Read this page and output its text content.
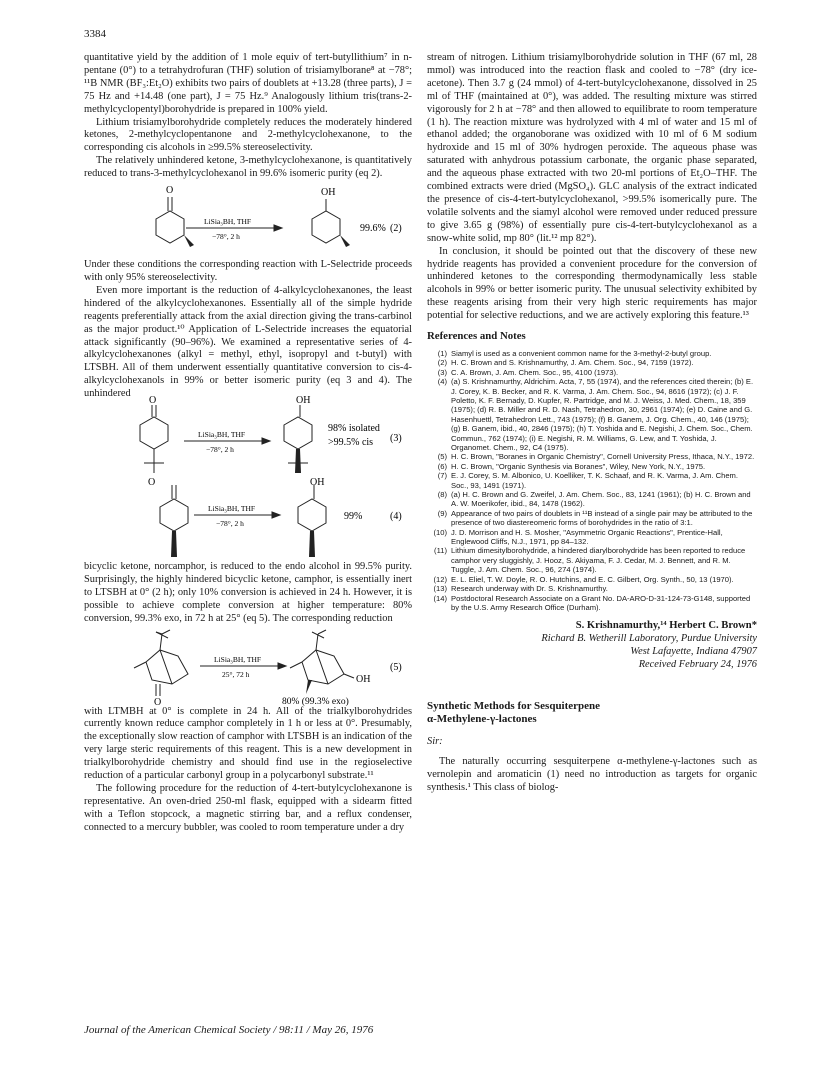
3384

quantitative yield by the addition of 1 mole equiv of tert-butyllithium⁷ in n-pentane (0°) to a tetrahydrofuran (THF) solution of trisiamylborane⁸ at −78°; ¹¹B NMR (BF₃:Et₂O) exhibits two pairs of doublets at +13.28 (three parts), J = 75 Hz and +14.48 (one part), J = 75 Hz.⁹ Analogously lithium tris(trans-2-methylcyclopentyl)borohydride is prepared in 100% yield.

Lithium trisiamylborohydride completely reduces the moderately hindered ketones, 2-methylcyclopentanone and 2-methylcyclohexanone, to the corresponding cis alcohols in ≥99.5% stereoselectivity.

The relatively unhindered ketone, 3-methylcyclohexanone, is quantitatively reduced to trans-3-methylcyclohexanol in 99.6% isomeric purity (eq 2).

O	OH
LiSia₃BH, THF
−78°, 2 h
99.6% (2)

Under these conditions the corresponding reaction with L-Selectride proceeds with only 95% stereoselectivity.

Even more important is the reduction of 4-alkylcyclohexanones, the least hindered of the alkylcyclohexanones. Essentially all of the simple hydride reagents preferentially attack from the axial direction giving the trans-carbinol as the major product.¹⁰ Application of L-Selectride increases the equatorial attack significantly (90–96%). We examined a representative series of 4-alkylcyclohexanones (alkyl = methyl, ethyl, isopropyl and t-butyl) with LTSBH. All of them underwent essentially quantitative conversion to cis-4-alkylcyclohexanols in 99% or better isomeric purity (eq 3 and 4). The unhindered

O	OH
LiSia₃BH, THF
−78°, 2 h
98% isolated
>99.5% cis (3)
O	OH
LiSia₃BH, THF
−78°, 2 h
99%	(4)

bicyclic ketone, norcamphor, is reduced to the endo alcohol in 99.5% purity. Surprisingly, the highly hindered bicyclic ketone, camphor, is essentially inert to LTSBH at 0° (2 h); only 10% conversion is achieved in 24 h. However, it is possible to achieve complete conversion at higher temperature: 80% conversion, 99.3% exo, in 72 h at 25° (eq 5). The corresponding reduction

O
OH
LiSia₃BH, THF
25°, 72 h
(5)
80% (99.3% exo)

with LTMBH at 0° is complete in 24 h. All of the trialkylborohydrides currently known reduce camphor completely in 1 h or less at 0°. Presumably, the exceptionally slow reaction of camphor with LTSBH is an indication of the very large steric requirements of this reagent. This is a new development in trialkylborohydride chemistry and should find use in the regioselective reduction of a particular carbonyl group in a polycarbonyl substrate.¹¹

The following procedure for the reduction of 4-tert-butylcyclohexanone is representative. An oven-dried 250-ml flask, equipped with a sidearm fitted with a Teflon stopcock, a magnetic stirring bar, and a reflux condenser, connected to a mercury bubbler, was cooled to room temperature under a dry

stream of nitrogen. Lithium trisiamylborohydride solution in THF (67 ml, 28 mmol) was introduced into the reaction flask and cooled to −78° (dry ice-acetone). Then 3.7 g (24 mmol) of 4-tert-butylcyclohexanone, dissolved in 25 ml of THF (maintained at 0°), was added. The resulting mixture was stirred vigorously for 2 h at −78° and then allowed to equilibrate to room temperature (1 h). The reaction mixture was hydrolyzed with 4 ml of water and 15 ml of ethanol added; the organoborane was oxidized with 10 ml of 6 M sodium hydroxide and 15 ml of 30% hydrogen peroxide. The aqueous phase was saturated with anhydrous potassium carbonate, the organic phase separated, and the aqueous phase extracted with two 20-ml portions of Et₂O–THF. The combined extracts were dried (MgSO₄). GLC analysis of the extract indicated the presence of cis-4-tert-butylcyclohexanol, >99.5% isomerically pure. The volatile solvents and the siamyl alcohol were removed under reduced pressure to give 3.65 g (98%) of essentially pure cis-4-tert-butylcyclohexanol as a snow-white solid, mp 80° (lit.¹² mp 82°).

In conclusion, it should be pointed out that the discovery of these new hydride reagents has provided a convenient procedure for the conversion of unhindered ketones to the corresponding thermodynamically less stable alcohols in 99% or better isomeric purity. The unusual selectivity exhibited by these reagents arising from their very high steric requirements has major potential for selective reductions, and we are actively exploring this feature.¹³

References and Notes
(1) Siamyl is used as a convenient common name for the 3-methyl-2-butyl group.
(2) H. C. Brown and S. Krishnamurthy, J. Am. Chem. Soc., 94, 7159 (1972).
(3) C. A. Brown, J. Am. Chem. Soc., 95, 4100 (1973).
(4) (a) S. Krishnamurthy, Aldrichim. Acta, 7, 55 (1974), and the references cited therein; (b) E. J. Corey, K. B. Becker, and R. K. Varma, J. Am. Chem. Soc., 94, 8616 (1972); (c) J. F. Poletto, K. F. Bernady, D. Kupfer, R. Partridge, and M. J. Weiss, J. Med. Chem., 18, 359 (1975); (d) R. B. Miller and R. D. Nash, Tetrahedron, 30, 2961 (1974); (e) D. Caine and G. Hasenhuettl, Tetrahedron Lett., 743 (1975); (f) B. Ganem, J. Org. Chem., 40, 146 (1975); (g) B. Ganem, ibid., 40, 2846 (1975); (h) T. Yoshida and E. Negishi, J. Chem. Soc., Chem. Commun., 762 (1974); (i) E. Negishi, R. M. Williams, G. Lew, and T. Yoshida, J. Organomet. Chem., 92, C4 (1975).
(5) H. C. Brown, "Boranes in Organic Chemistry", Cornell University Press, Ithaca, N.Y., 1972.
(6) H. C. Brown, "Organic Synthesis via Boranes", Wiley, New York, N.Y., 1975.
(7) E. J. Corey, S. M. Albonico, U. Koelliker, T. K. Schaaf, and R. K. Varma, J. Am. Chem. Soc., 93, 1491 (1971).
(8) (a) H. C. Brown and G. Zweifel, J. Am. Chem. Soc., 83, 1241 (1961); (b) H. C. Brown and A. W. Moerikofer, ibid., 84, 1478 (1962).
(9) Appearance of two pairs of doublets in ¹¹B instead of a single pair may be attributed to the presence of two diastereomeric forms of borohydrides in the ratio of 3:1.
(10) J. D. Morrison and H. S. Mosher, "Asymmetric Organic Reactions", Prentice-Hall, Englewood Cliffs, N.J., 1971, pp 84–132.
(11) Lithium dimesitylborohydride, a hindered diarylborohydride has been reported to reduce camphor very sluggishly, J. Hooz, S. Akiyama, F. J. Cedar, M. J. Bennett, and R. M. Tuggle, J. Am. Chem. Soc., 96, 274 (1974).
(12) E. L. Eliel, T. W. Doyle, R. O. Hutchins, and E. C. Gilbert, Org. Synth., 50, 13 (1970).
(13) Research underway with Dr. S. Krishnamurthy.
(14) Postdoctoral Research Associate on a Grant No. DA-ARO-D-31-124-73-G148, supported by the U.S. Army Research Office (Durham).
S. Krishnamurthy,¹⁴ Herbert C. Brown*
Richard B. Wetherill Laboratory, Purdue University
West Lafayette, Indiana 47907
Received February 24, 1976
Synthetic Methods for Sesquiterpene
α-Methylene-γ-lactones
Sir:

The naturally occurring sesquiterpene α-methylene-γ-lactones such as vernolepin and aromaticin (1) need no introduction as targets for organic synthesis.¹ This class of biolog-

Journal of the American Chemical Society / 98:11 / May 26, 1976
